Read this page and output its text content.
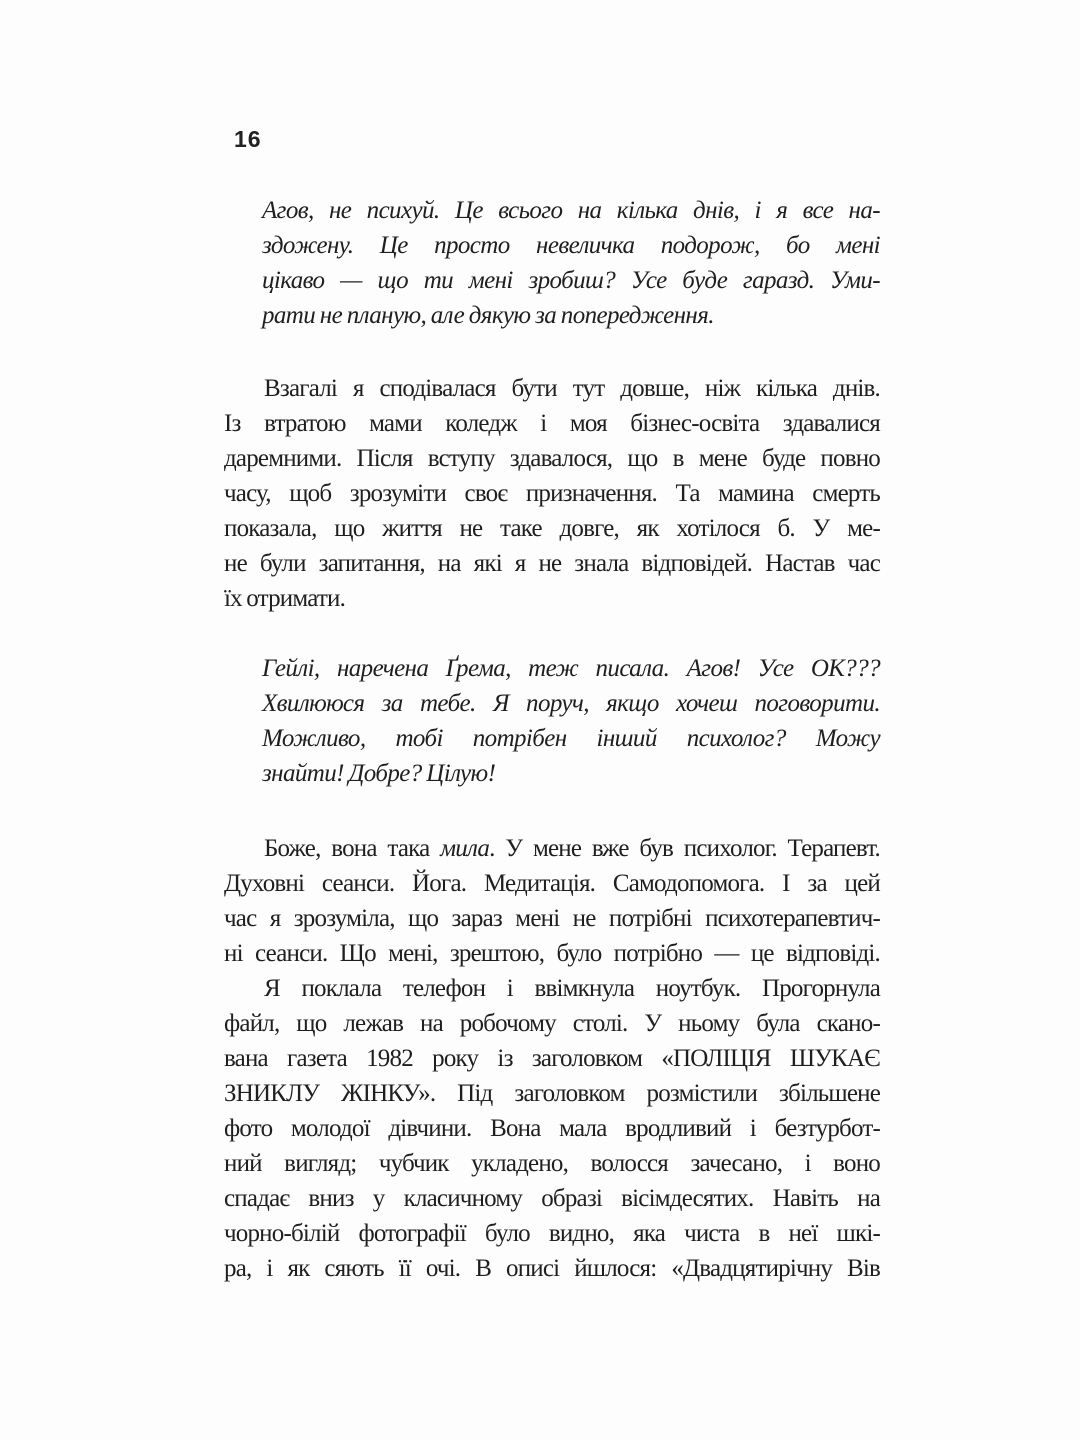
16
Агов, не психуй. Це всього на кілька днів, і я все на-
здожену. Це просто невеличка подорож, бо мені
цікаво — що ти мені зробиш? Усе буде гаразд. Уми-
рати не планую, але дякую за попередження.
Взагалі я сподівалася бути тут довше, ніж кілька днів.
Із втратою мами коледж і моя бізнес-освіта здавалися
даремними. Після вступу здавалося, що в мене буде повно
часу, щоб зрозуміти своє призначення. Та мамина смерть
показала, що життя не таке довге, як хотілося б. У ме-
не були запитання, на які я не знала відповідей. Настав час
їх отримати.
Гейлі, наречена Ґрема, теж писала. Агов! Усе ОК???
Хвилююся за тебе. Я поруч, якщо хочеш поговорити.
Можливо, тобі потрібен інший психолог? Можу
знайти! Добре? Цілую!
Боже, вона така мила. У мене вже був психолог. Терапевт.
Духовні сеанси. Йога. Медитація. Самодопомога. І за цей
час я зрозуміла, що зараз мені не потрібні психотерапевтич-
ні сеанси. Що мені, зрештою, було потрібно — це відповіді.
Я поклала телефон і ввімкнула ноутбук. Прогорнула
файл, що лежав на робочому столі. У ньому була скано-
вана газета 1982 року із заголовком «ПОЛІЦІЯ ШУКАЄ
ЗНИКЛУ ЖІНКУ». Під заголовком розмістили збільшене
фото молодої дівчини. Вона мала вродливий і безтурбот-
ний вигляд; чубчик укладено, волосся зачесано, і воно
спадає вниз у класичному образі вісімдесятих. Навіть на
чорно-білій фотографії було видно, яка чиста в неї шкі-
ра, і як сяють її очі. В описі йшлося: «Двадцятирічну Вів
